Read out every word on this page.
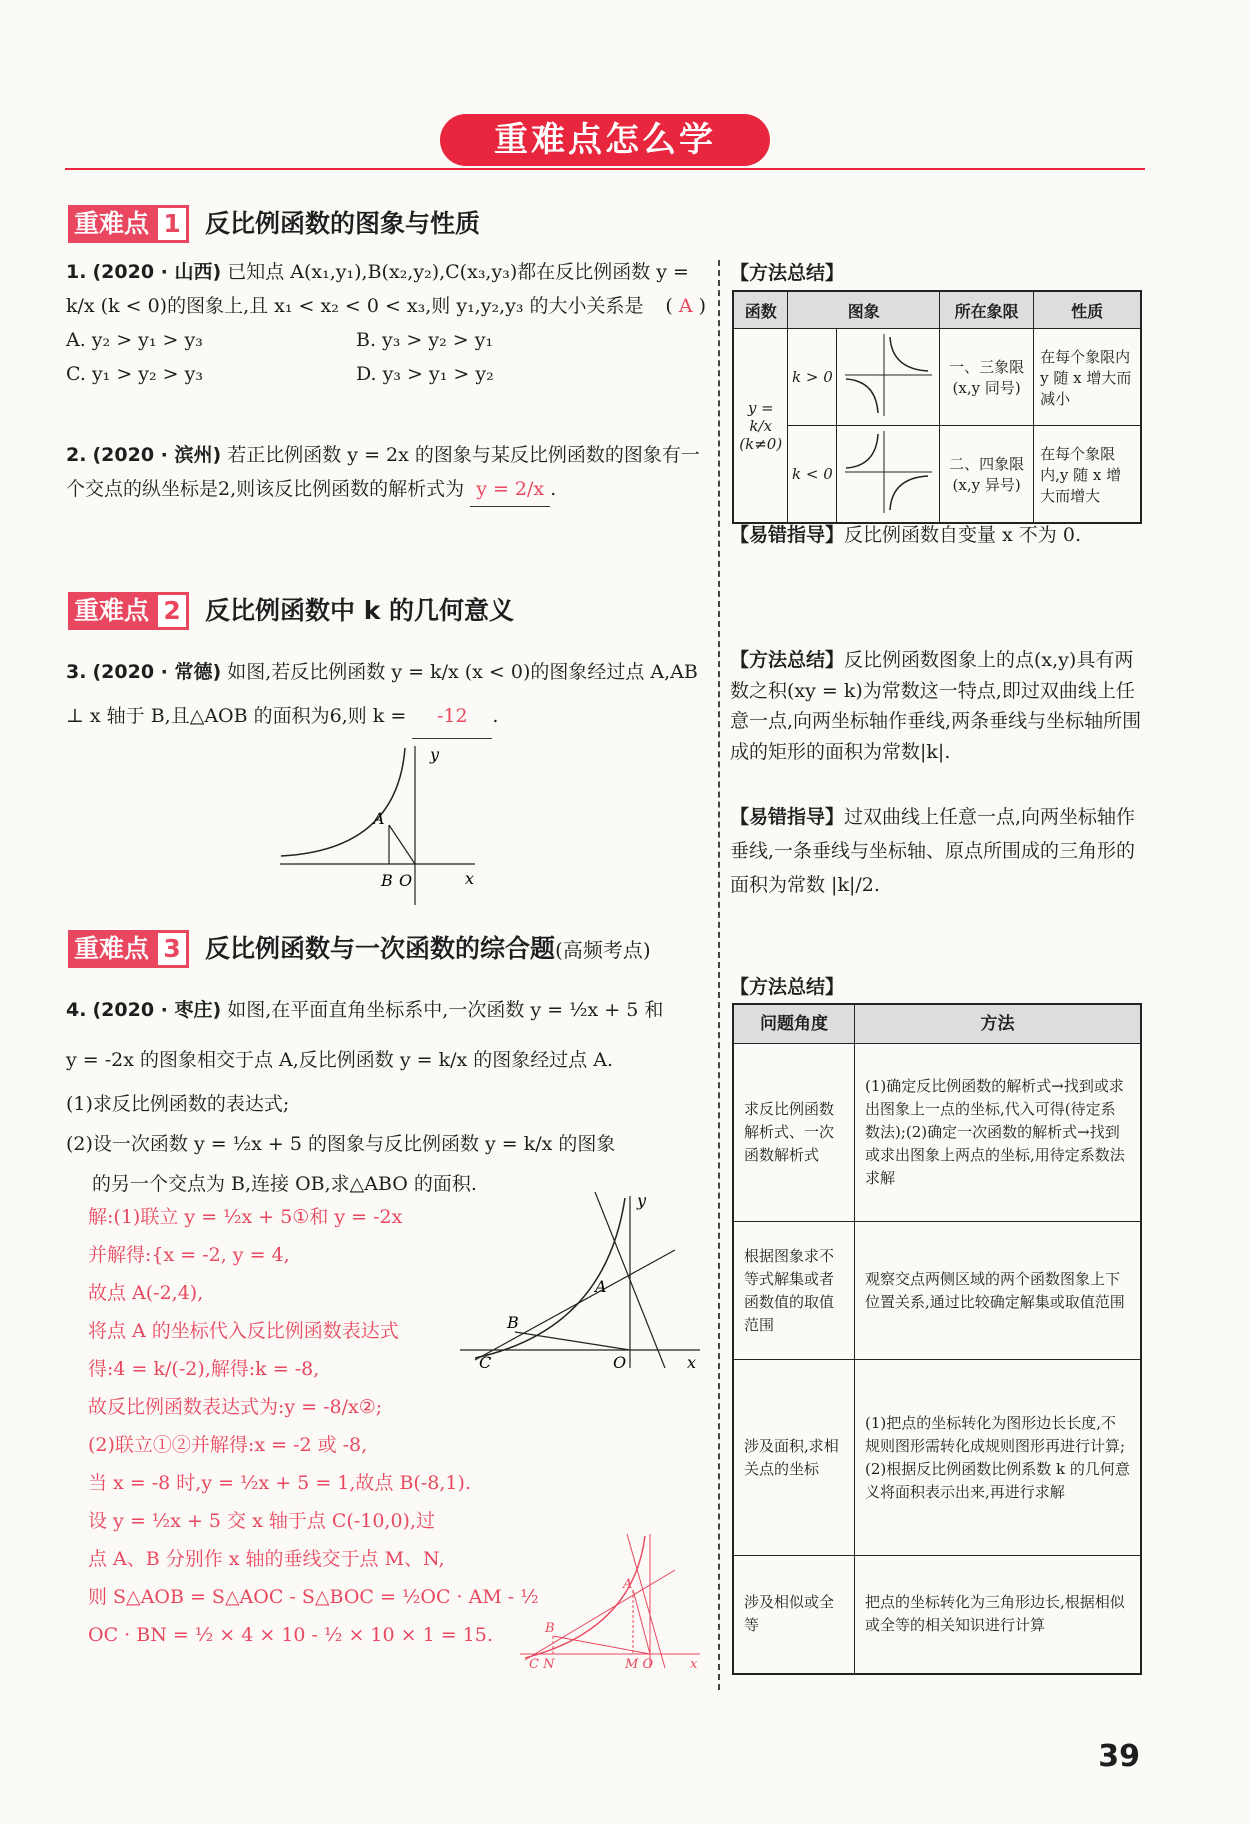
重难点怎么学
重难点 1 反比例函数的图象与性质
1. (2020 · 山西) 已知点 A(x₁,y₁),B(x₂,y₂),C(x₃,y₃)都在反比例函数 y = k/x (k < 0)的图象上,且 x₁ < x₂ < 0 < x₃,则 y₁,y₂,y₃ 的大小关系是 ( A )
A. y₂ > y₁ > y₃	B. y₃ > y₂ > y₁
C. y₁ > y₂ > y₃	D. y₃ > y₁ > y₂
2. (2020 · 滨州) 若正比例函数 y = 2x 的图象与某反比例函数的图象有一个交点的纵坐标是2,则该反比例函数的解析式为 y = 2/x .
【方法总结】
函数	图象		所在象限	性质
y = k/x (k≠0)	k > 0		一、三象限 (x,y 同号)	在每个象限内 y 随 x 增大而减小
	k < 0		二、四象限 (x,y 异号)	在每个象限内,y 随 x 增大而增大
【易错指导】反比例函数自变量 x 不为 0.
重难点 2 反比例函数中 k 的几何意义
3. (2020 · 常德) 如图,若反比例函数 y = k/x (x < 0)的图象经过点 A,AB ⊥ x 轴于 B,且△AOB 的面积为6,则 k = -12 .
y
x
A
B O
【方法总结】反比例函数图象上的点(x,y)具有两数之积(xy = k)为常数这一特点,即过双曲线上任意一点,向两坐标轴作垂线,两条垂线与坐标轴所围成的矩形的面积为常数|k|.
【易错指导】过双曲线上任意一点,向两坐标轴作垂线,一条垂线与坐标轴、原点所围成的三角形的面积为常数 |k|/2.
重难点 3 反比例函数与一次函数的综合题(高频考点)
4. (2020 · 枣庄) 如图,在平面直角坐标系中,一次函数 y = ½x + 5 和
y = -2x 的图象相交于点 A,反比例函数 y = k/x 的图象经过点 A.
(1)求反比例函数的表达式;
(2)设一次函数 y = ½x + 5 的图象与反比例函数 y = k/x 的图象
的另一个交点为 B,连接 OB,求△ABO 的面积.
y
x
A
B
C	O
解:(1)联立 y = ½x + 5①和 y = -2x
并解得:{x = -2, y = 4,
故点 A(-2,4),
将点 A 的坐标代入反比例函数表达式
得:4 = k/(-2),解得:k = -8,
故反比例函数表达式为:y = -8/x②;
(2)联立①②并解得:x = -2 或 -8,
当 x = -8 时,y = ½x + 5 = 1,故点 B(-8,1).
设 y = ½x + 5 交 x 轴于点 C(-10,0),过
点 A、B 分别作 x 轴的垂线交于点 M、N,
则 S△AOB = S△AOC - S△BOC = ½OC · AM - ½
OC · BN = ½ × 4 × 10 - ½ × 10 × 1 = 15.	B
C N	M O
A
x
【方法总结】
问题角度	方法
求反比例函数解析式、一次函数解析式	(1)确定反比例函数的解析式→找到或求出图象上一点的坐标,代入可得(待定系数法);(2)确定一次函数的解析式→找到或求出图象上两点的坐标,用待定系数法求解
根据图象求不等式解集或者函数值的取值范围	观察交点两侧区域的两个函数图象上下位置关系,通过比较确定解集或取值范围
涉及面积,求相关点的坐标	(1)把点的坐标转化为图形边长长度,不规则图形需转化成规则图形再进行计算;(2)根据反比例函数比例系数 k 的几何意义将面积表示出来,再进行求解
涉及相似或全等	把点的坐标转化为三角形边长,根据相似或全等的相关知识进行计算
39
